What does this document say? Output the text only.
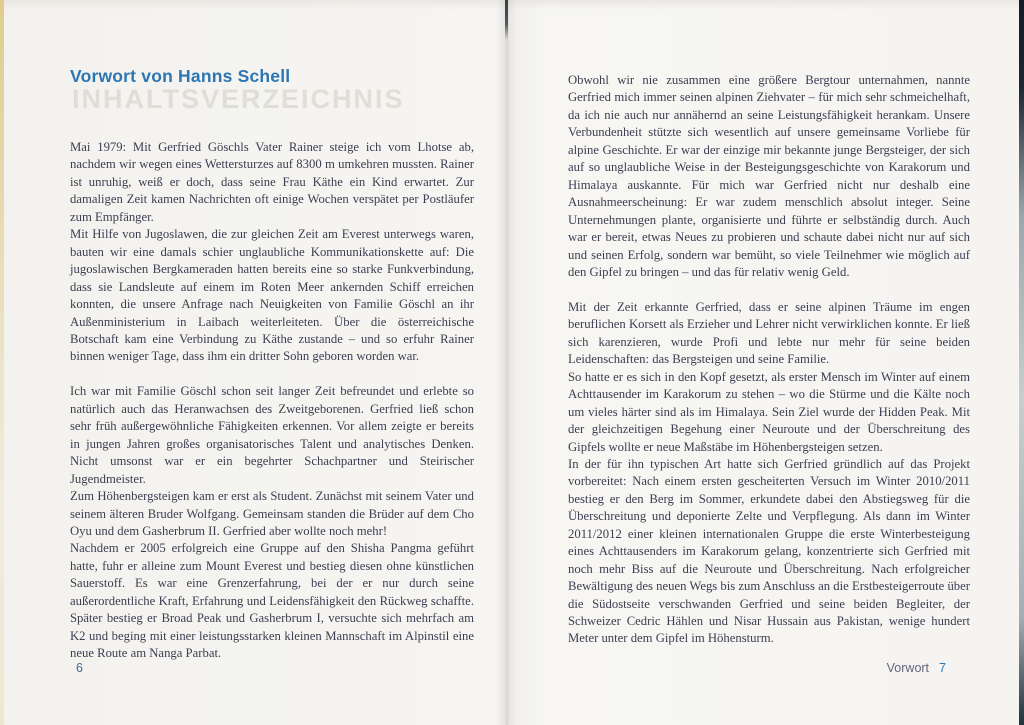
INHALTSVERZEICHNIS
Vorwort von Hanns Schell

Mai 1979: Mit Gerfried Göschls Vater Rainer steige ich vom Lhotse ab, nachdem wir wegen eines Wettersturzes auf 8300 m umkehren mussten. Rainer ist unruhig, weiß er doch, dass seine Frau Käthe ein Kind erwartet. Zur damaligen Zeit kamen Nachrichten oft einige Wochen verspätet per Postläufer zum Empfänger.

Mit Hilfe von Jugoslawen, die zur gleichen Zeit am Everest unterwegs waren, bauten wir eine damals schier unglaubliche Kommunikationskette auf: Die jugoslawischen Bergkameraden hatten bereits eine so starke Funkverbindung, dass sie Landsleute auf einem im Roten Meer ankernden Schiff erreichen konnten, die unsere Anfrage nach Neuigkeiten von Familie Göschl an ihr Außenministerium in Laibach weiterleiteten. Über die österreichische Botschaft kam eine Verbindung zu Käthe zustande – und so erfuhr Rainer binnen weniger Tage, dass ihm ein dritter Sohn geboren worden war.

Ich war mit Familie Göschl schon seit langer Zeit befreundet und erlebte so natürlich auch das Heranwachsen des Zweitgeborenen. Gerfried ließ schon sehr früh außergewöhnliche Fähigkeiten erkennen. Vor allem zeigte er bereits in jungen Jahren großes organisatorisches Talent und analytisches Denken. Nicht umsonst war er ein begehrter Schachpartner und Steirischer Jugendmeister.

Zum Höhenbergsteigen kam er erst als Student. Zunächst mit seinem Vater und seinem älteren Bruder Wolfgang. Gemeinsam standen die Brüder auf dem Cho Oyu und dem Gasherbrum II. Gerfried aber wollte noch mehr!

Nachdem er 2005 erfolgreich eine Gruppe auf den Shisha Pangma geführt hatte, fuhr er alleine zum Mount Everest und bestieg diesen ohne künstlichen Sauerstoff. Es war eine Grenzerfahrung, bei der er nur durch seine außerordentliche Kraft, Erfahrung und Leidensfähigkeit den Rückweg schaffte. Später bestieg er Broad Peak und Gasherbrum I, versuchte sich mehrfach am K2 und beging mit einer leistungsstarken kleinen Mannschaft im Alpinstil eine neue Route am Nanga Parbat.

6

Obwohl wir nie zusammen eine größere Bergtour unternahmen, nannte Gerfried mich immer seinen alpinen Ziehvater – für mich sehr schmeichelhaft, da ich nie auch nur annähernd an seine Leistungsfähigkeit herankam. Unsere Verbundenheit stützte sich wesentlich auf unsere gemeinsame Vorliebe für alpine Geschichte. Er war der einzige mir bekannte junge Bergsteiger, der sich auf so unglaubliche Weise in der Besteigungsgeschichte von Karakorum und Himalaya auskannte. Für mich war Gerfried nicht nur deshalb eine Ausnahmeerscheinung: Er war zudem menschlich absolut integer. Seine Unternehmungen plante, organisierte und führte er selbständig durch. Auch war er bereit, etwas Neues zu probieren und schaute dabei nicht nur auf sich und seinen Erfolg, sondern war bemüht, so viele Teilnehmer wie möglich auf den Gipfel zu bringen – und das für relativ wenig Geld.

Mit der Zeit erkannte Gerfried, dass er seine alpinen Träume im engen beruflichen Korsett als Erzieher und Lehrer nicht verwirklichen konnte. Er ließ sich karenzieren, wurde Profi und lebte nur mehr für seine beiden Leidenschaften: das Bergsteigen und seine Familie.

So hatte er es sich in den Kopf gesetzt, als erster Mensch im Winter auf einem Achttausender im Karakorum zu stehen – wo die Stürme und die Kälte noch um vieles härter sind als im Himalaya. Sein Ziel wurde der Hidden Peak. Mit der gleichzeitigen Begehung einer Neuroute und der Überschreitung des Gipfels wollte er neue Maßstäbe im Höhenbergsteigen setzen.

In der für ihn typischen Art hatte sich Gerfried gründlich auf das Projekt vorbereitet: Nach einem ersten gescheiterten Versuch im Winter 2010/2011 bestieg er den Berg im Sommer, erkundete dabei den Abstiegsweg für die Überschreitung und deponierte Zelte und Verpflegung. Als dann im Winter 2011/2012 einer kleinen internationalen Gruppe die erste Winterbesteigung eines Achttausenders im Karakorum gelang, konzentrierte sich Gerfried mit noch mehr Biss auf die Neuroute und Überschreitung. Nach erfolgreicher Bewältigung des neuen Wegs bis zum Anschluss an die Erstbesteigerroute über die Südostseite verschwanden Gerfried und seine beiden Begleiter, der Schweizer Cedric Hählen und Nisar Hussain aus Pakistan, wenige hundert Meter unter dem Gipfel im Höhensturm.

Vorwort 7
